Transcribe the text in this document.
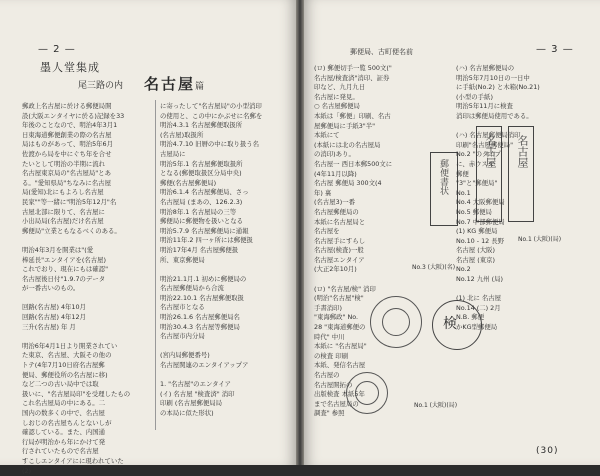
— 2 —
墨人堂集成
尾三路の内 名古屋篇
郵政上名古屋に於ける郵便局開
設(大阪エンタイヤに於る)記録を33
年後のことなので、明治4年3月1
日東海道郵便創業の際の名古屋
局はものがあって、明治5年6月
佐渡から局を中にぐち年を合せ
たいとして明治の半期に流れ
名古屋東京局の"名古屋局"とあ
る。"愛知県局"ちなみに名古屋
局(愛知)北にもよろし名古屋
民家""等一緒に"明治5年12月"名
古屋北部に限りて、名古屋に
小出局局(名古屋)だけ名古屋
郵便局"立業ともなるべくのある。

明治4年3月を開業は"(愛
棒延長"エンタイアを(名古屋)
これでおり、現在にもは確認"
名古屋後日付"1.9.7のデータ
が一番古いのもの。

回路(名古屋) 4年10月
回路(名古屋) 4年12月
三升(名古屋) 年 月

明治6年4月1日より開業されてい
た東京、名古屋、大阪その他の
トテ(4年7月10日府名古屋郵
便局、郵便役所の名古屋に移)
など二つの古い局中では取
扱いに、"名古屋局印"を受理したもの
これ名古屋局の中にある。二
国内の数多くの中で、名古屋
しおじの名古屋ちんとないしが
確認している。また、内国通
行局が明治から年にかけて発
行されていたもので名古屋
すこしエンタイアにに現われていた
(2)
に寄ったして"名古屋局"の小型消印
の使用と、この中にかぶせに名郵を
明治4.3.1 名古屋郵便取扱所
(名古屋)取扱所
明治4.7.10 旧暦の中に取り扱う名
古屋局に
明治5年.1 名古屋郵便取扱所
となる(郵便取扱区分局中央)
郵便(名古屋郵便局)
明治6.1.4 名古屋郵便局、さっ
名古屋局 (まあの、126.2.3)
明治8年.1 名古屋局の三等
郵便局に郵便物を扱いとなる
明治5.7.9 名古屋郵便局に通報
明治11年.2 四一ヶ所には郵便扱
明治17年4月 名古屋郵便扱
所、東京郵便局

明治21.1月.1 初めに郵便局の
名古屋郵便局から合流
明治22.10.1 名古屋郵便取扱
名古屋市となる
明治26.1.6 名古屋郵便局名
明治30.4.3 名古屋等郵便局
名古屋市内分局

(宮内局郵便番号)
名古屋関連のエンタイアップア

1. "名古屋"のエンタイア
(イ) 名古屋 "検査済" 消印
印刷 (名古屋郵便局局
の本局に似た形状)
— 3 —
郵便局、古町便名前
(ロ) 郵便切手一覧 500文("
名古屋/検査済"消印、証券
印など、九月九日
名古屋に発見。
○ 名古屋郵便局
本紙は「郵便」印刷、名古
屋郵便局に手紙3"半"
本紙にて
(本紙には北の名古屋局
の消印)あり。
名古屋一 西日本郵500文に
(4年11月以降)
名古屋 郵便局 300文(4
年) 裏
(名古屋3)一番
名古屋郵便局の
本紙に名古屋局と
名古屋を
名古屋手にすらし
名古屋(検査)一般
名古屋エンタイア
(大正2年10月)

(ロ) "名古屋/検" 消印
(明治"名古屋"検"
手書消印)
"東海郵政" No.
28 "東海道郵便の
時代" 中川
本紙に "名古屋局"
の検査 印刷
本紙、発信名古屋
名古屋の
名古屋開拓の
出版検査 本紙5年
まで名古屋局の
調査" 参照
郵便書状
No.3 (大阪)(名)
検
No.1 (大阪)(局)
名古屋 名古屋
No.1 (大阪)(局)
(ハ) 名古屋郵便局の
明治5年7月10日の一日中
に手紙(No.2) と木箱(No.21)
(小型の手紙)
明治5年11月に検査
消印は郵便局使用である。

(ハ) 名古屋郵便局消印
印刷"名古屋郵便局"
No.2 "のタイプ
に、赤ウスズ
郵便
"3"と"郵便局"
No.1
No.4 大阪郵便局
No.5 郵便局
No.7 中部郵便局
(1) KG 郵便局
No.10 - 12 長野
名古屋 (大阪)
名古屋 (東京)
No.2
No.12 九州 (局)

(1) 北に 名古屋
No.14 (二) 2月
N.B. 郵便
かKG型郵便局
(30)
